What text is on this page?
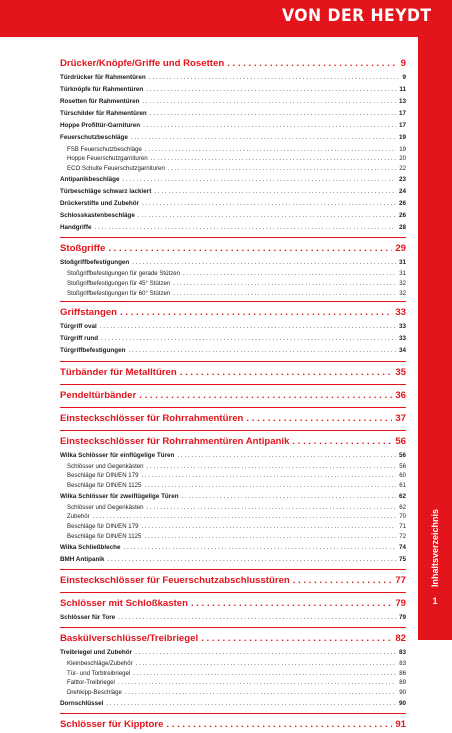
VON DER HEYDT
Inhaltsverzeichnis
1
Drücker/Knöpfe/Griffe und Rosetten . . .	9
Türdrücker für Rahmentüren . . .	9
Türknöpfe für Rahmentüren . . .	11
Rosetten für Rahmentüren . . .	13
Türschilder für Rahmentüren . . .	17
Hoppe Profiltür-Garnituren . . .	17
Feuerschutzbeschläge . . .	19
FSB Feuerschutzbeschläge . . .	19
Hoppe Feuerschutzgarnituren . . .	20
ECO Schulte Feuerschutzgarnituren . . .	22
Antipanikbeschläge . . .	23
Türbeschläge schwarz lackiert . . .	24
Drückerstifte und Zubehör . . .	26
Schlosskastenbeschläge . . .	26
Handgriffe . . .	28
Stoßgriffe . . .	29
Stoßgriffbefestigungen . . .	31
Stoßgriffbefestigungen für gerade Stützen . . .	31
Stoßgriffbefestigungen für 45° Stützen . . .	32
Stoßgriffbefestigungen für 60° Stützen . . .	32
Griffstangen . . .	33
Türgriff oval . . .	33
Türgriff rund . . .	33
Türgriffbefestigungen . . .	34
Türbänder für Metalltüren . . .	35
Pendeltürbänder . . .	36
Einsteckschlösser für Rohrrahmentüren . . .	37
Einsteckschlösser für Rohrrahmentüren Antipanik . . .	56
Wilka Schlösser für einflügelige Türen . . .	56
Schlösser und Gegenkästen . . .	56
Beschläge für DIN/EN 179 . . .	60
Beschläge für DIN/EN 1125 . . .	61
Wilka Schlösser für zweiflügelige Türen . . .	62
Schlösser und Gegenkästen . . .	62
Zubehör . . .	70
Beschläge für DIN/EN 179 . . .	71
Beschläge für DIN/EN 1125 . . .	72
Wilka Schließbleche . . .	74
BMH Antipanik . . .	75
Einsteckschlösser für Feuerschutzabschlusstüren . . .	77
Schlösser mit Schloßkasten . . .	79
Schlösser für Tore . . .	79
Baskülverschlüsse/Treibriegel . . .	82
Treibriegel und Zubehör . . .	83
Kleinbeschläge/Zubehör . . .	83
Tür- und Torbtreibriegel . . .	86
Falttor-Treibriegel . . .	89
Drehkipp-Beschläge . . .	90
Dornschlüssel . . .	90
Schlösser für Kipptore . . .	91
